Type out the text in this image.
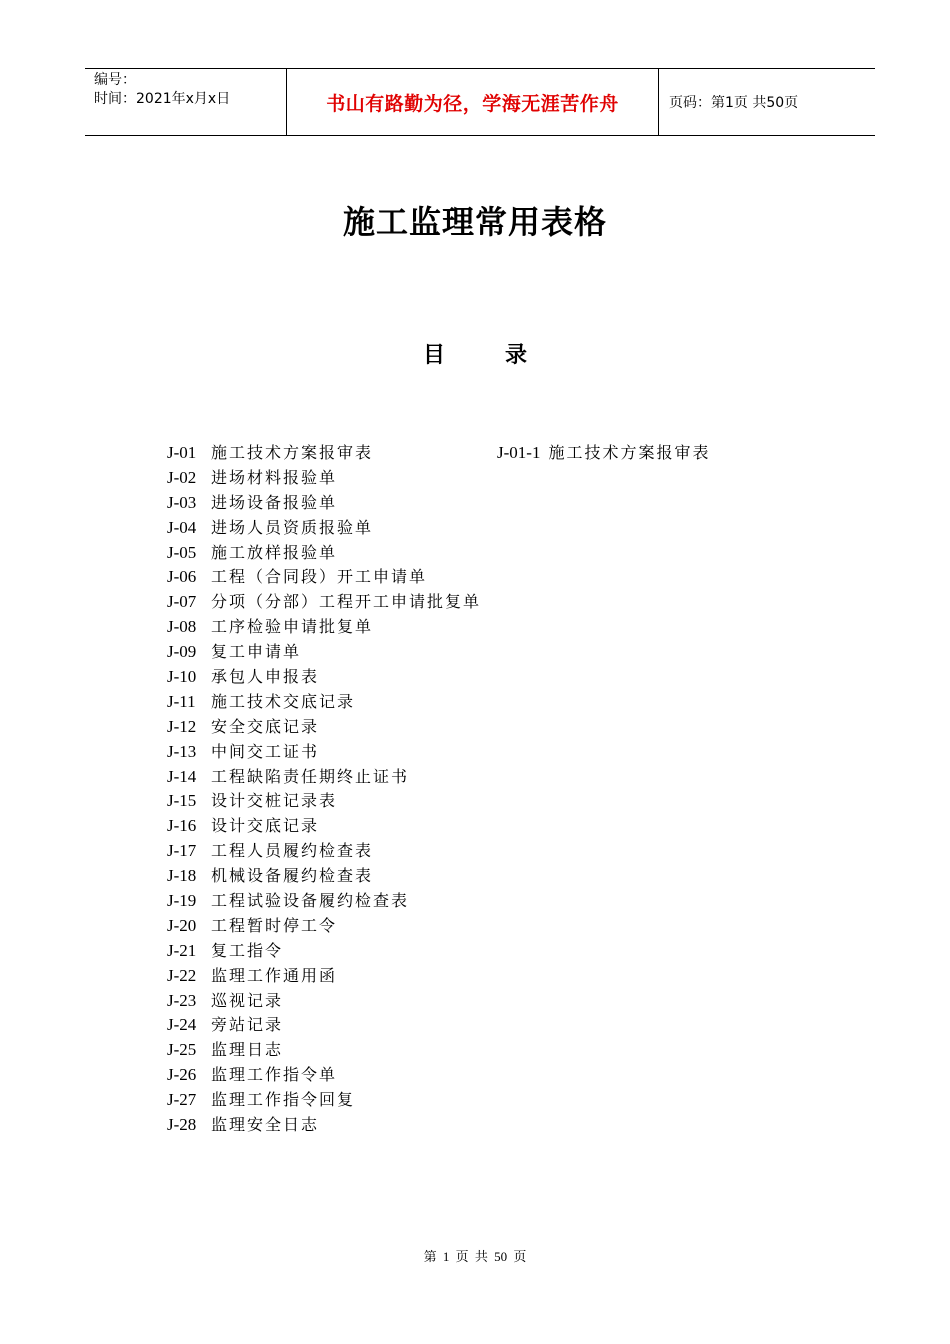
编号：
时间：2021年x月x日	书山有路勤为径，学海无涯苦作舟	页码：第1页 共50页
施工监理常用表格
目	录
J-01 施工技术方案报审表	J-01-1 施工技术方案报审表
J-02 进场材料报验单
J-03 进场设备报验单
J-04 进场人员资质报验单
J-05 施工放样报验单
J-06 工程（合同段）开工申请单
J-07 分项（分部）工程开工申请批复单
J-08 工序检验申请批复单
J-09 复工申请单
J-10 承包人申报表
J-11 施工技术交底记录
J-12 安全交底记录
J-13 中间交工证书
J-14 工程缺陷责任期终止证书
J-15 设计交桩记录表
J-16 设计交底记录
J-17 工程人员履约检查表
J-18 机械设备履约检查表
J-19 工程试验设备履约检查表
J-20 工程暂时停工令
J-21 复工指令
J-22 监理工作通用函
J-23 巡视记录
J-24 旁站记录
J-25 监理日志
J-26 监理工作指令单
J-27 监理工作指令回复
J-28 监理安全日志
第 1 页 共 50 页
